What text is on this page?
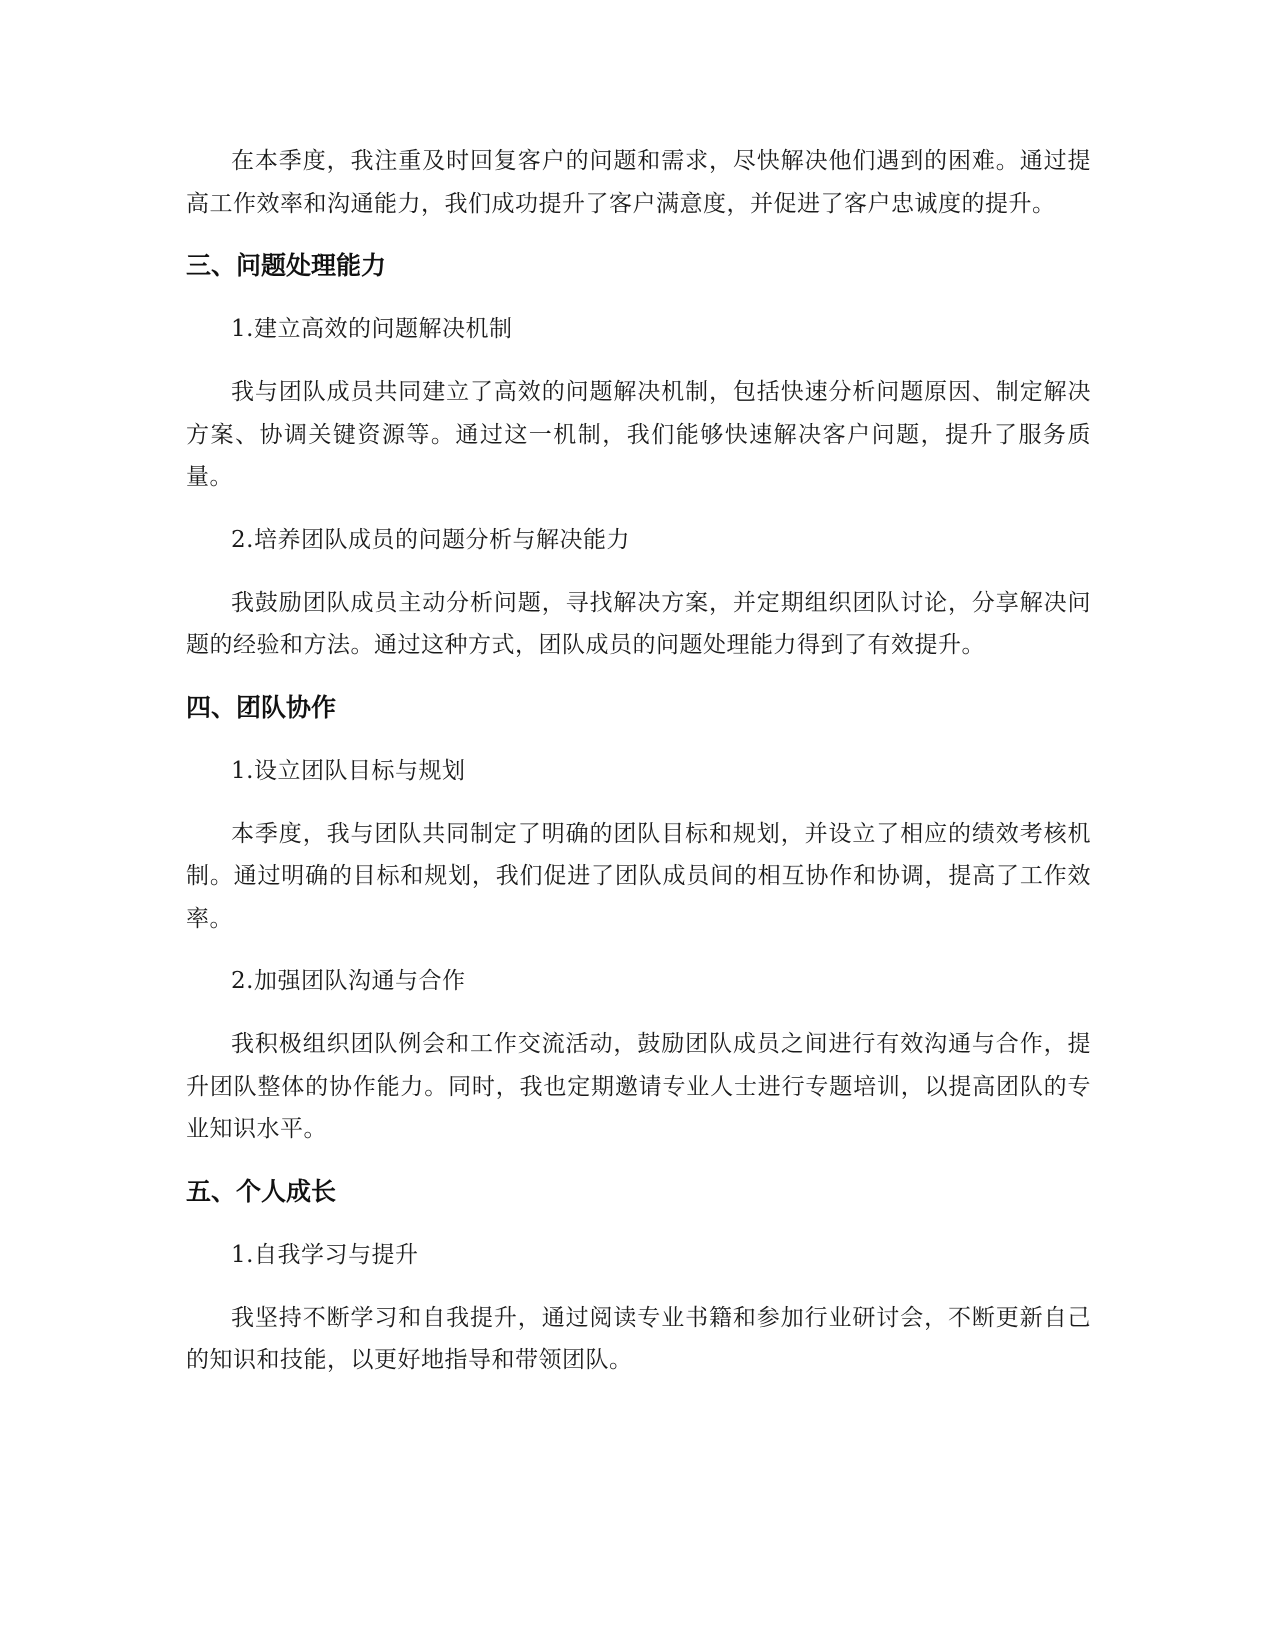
在本季度，我注重及时回复客户的问题和需求，尽快解决他们遇到的困难。通过提高工作效率和沟通能力，我们成功提升了客户满意度，并促进了客户忠诚度的提升。

三、问题处理能力

1.建立高效的问题解决机制

我与团队成员共同建立了高效的问题解决机制，包括快速分析问题原因、制定解决方案、协调关键资源等。通过这一机制，我们能够快速解决客户问题，提升了服务质量。

2.培养团队成员的问题分析与解决能力

我鼓励团队成员主动分析问题，寻找解决方案，并定期组织团队讨论，分享解决问题的经验和方法。通过这种方式，团队成员的问题处理能力得到了有效提升。

四、团队协作

1.设立团队目标与规划

本季度，我与团队共同制定了明确的团队目标和规划，并设立了相应的绩效考核机制。通过明确的目标和规划，我们促进了团队成员间的相互协作和协调，提高了工作效率。

2.加强团队沟通与合作

我积极组织团队例会和工作交流活动，鼓励团队成员之间进行有效沟通与合作，提升团队整体的协作能力。同时，我也定期邀请专业人士进行专题培训，以提高团队的专业知识水平。

五、个人成长

1.自我学习与提升

我坚持不断学习和自我提升，通过阅读专业书籍和参加行业研讨会，不断更新自己的知识和技能，以更好地指导和带领团队。
